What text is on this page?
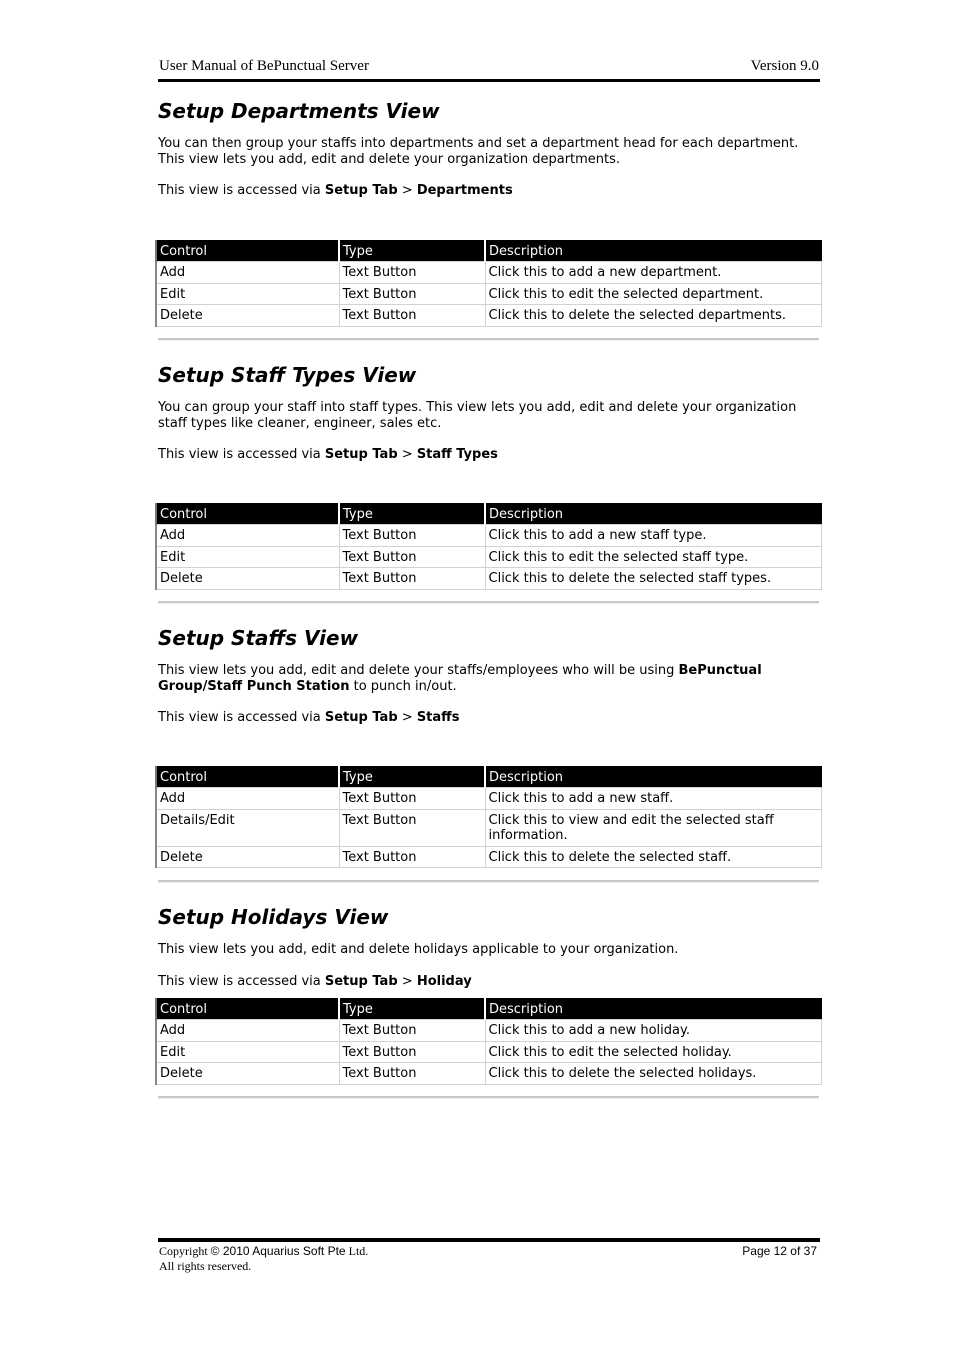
User Manual of BePunctual Server	Version 9.0
Setup Departments View

You can then group your staffs into departments and set a department head for each department.
This view lets you add, edit and delete your organization departments.

This view is accessed via Setup Tab > Departments

Control	Type	Description
Add	Text Button	Click this to add a new department.
Edit	Text Button	Click this to edit the selected department.
Delete	Text Button	Click this to delete the selected departments.
Setup Staff Types View

You can group your staff into staff types. This view lets you add, edit and delete your organization
staff types like cleaner, engineer, sales etc.

This view is accessed via Setup Tab > Staff Types

Control	Type	Description
Add	Text Button	Click this to add a new staff type.
Edit	Text Button	Click this to edit the selected staff type.
Delete	Text Button	Click this to delete the selected staff types.
Setup Staffs View

This view lets you add, edit and delete your staffs/employees who will be using BePunctual Group/Staff Punch Station to punch in/out.

This view is accessed via Setup Tab > Staffs

Control	Type	Description
Add	Text Button	Click this to add a new staff.
Details/Edit	Text Button	Click this to view and edit the selected staff information.
Delete	Text Button	Click this to delete the selected staff.
Setup Holidays View

This view lets you add, edit and delete holidays applicable to your organization.

This view is accessed via Setup Tab > Holiday

Control	Type	Description
Add	Text Button	Click this to add a new holiday.
Edit	Text Button	Click this to edit the selected holiday.
Delete	Text Button	Click this to delete the selected holidays.
Copyright © 2010 Aquarius Soft Pte Ltd.
All rights reserved.
Page 12 of 37
